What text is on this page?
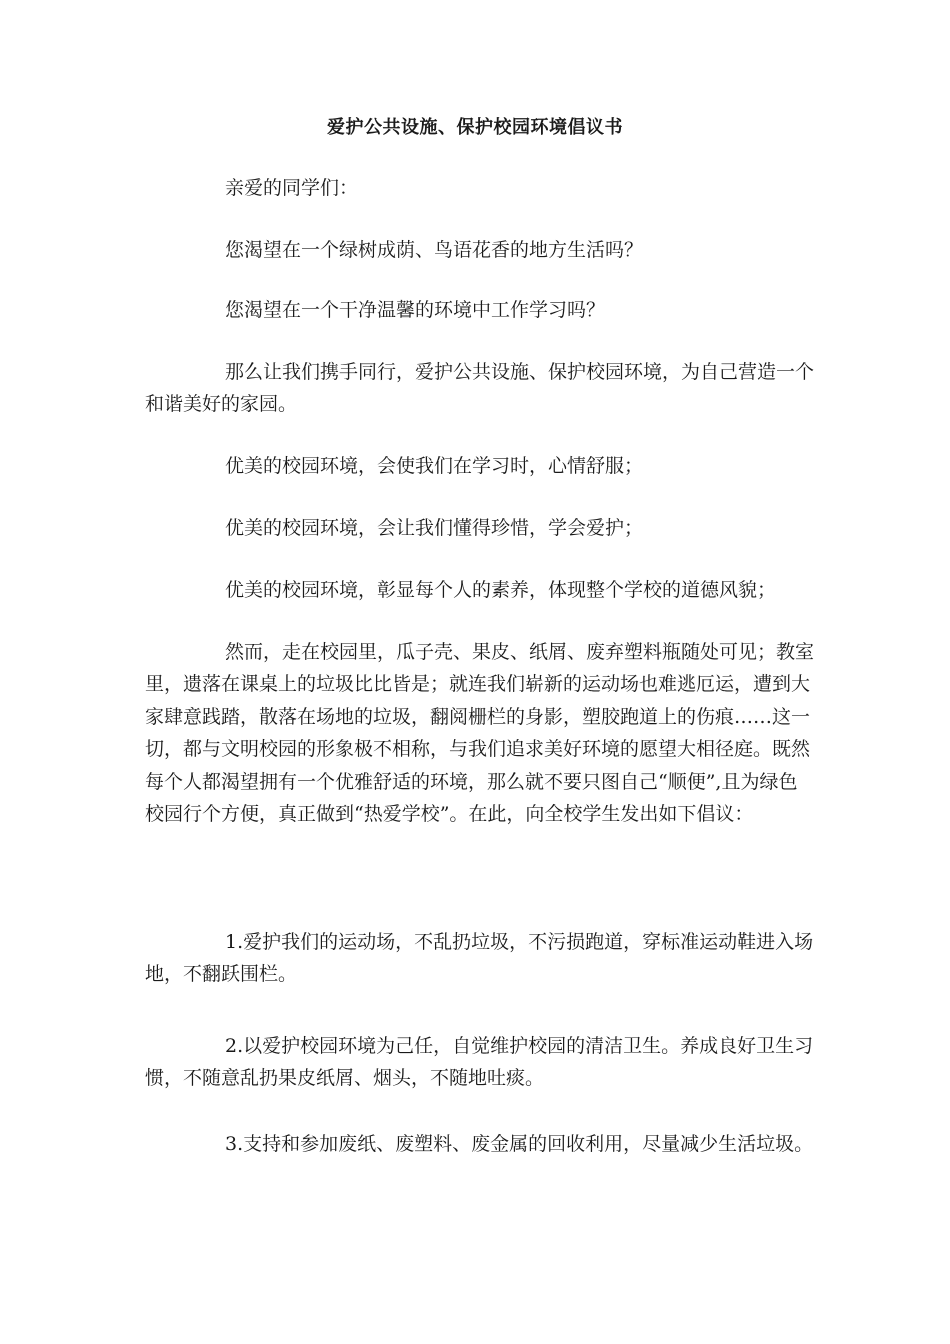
爱护公共设施、保护校园环境倡议书

亲爱的同学们：

您渴望在一个绿树成荫、鸟语花香的地方生活吗？

您渴望在一个干净温馨的环境中工作学习吗？

那么让我们携手同行，爱护公共设施、保护校园环境，为自己营造一个和谐美好的家园。

优美的校园环境，会使我们在学习时，心情舒服；

优美的校园环境，会让我们懂得珍惜，学会爱护；

优美的校园环境，彰显每个人的素养，体现整个学校的道德风貌；

然而，走在校园里，瓜子壳、果皮、纸屑、废弃塑料瓶随处可见；教室里，遗落在课桌上的垃圾比比皆是；就连我们崭新的运动场也难逃厄运，遭到大家肆意践踏，散落在场地的垃圾，翻阅栅栏的身影，塑胶跑道上的伤痕……这一切，都与文明校园的形象极不相称，与我们追求美好环境的愿望大相径庭。既然每个人都渴望拥有一个优雅舒适的环境，那么就不要只图自己“顺便”,且为绿色校园行个方便，真正做到“热爱学校”。在此，向全校学生发出如下倡议：

1.爱护我们的运动场，不乱扔垃圾，不污损跑道，穿标准运动鞋进入场地，不翻跃围栏。

2.以爱护校园环境为己任，自觉维护校园的清洁卫生。养成良好卫生习惯，不随意乱扔果皮纸屑、烟头，不随地吐痰。

3.支持和参加废纸、废塑料、废金属的回收利用，尽量减少生活垃圾。
